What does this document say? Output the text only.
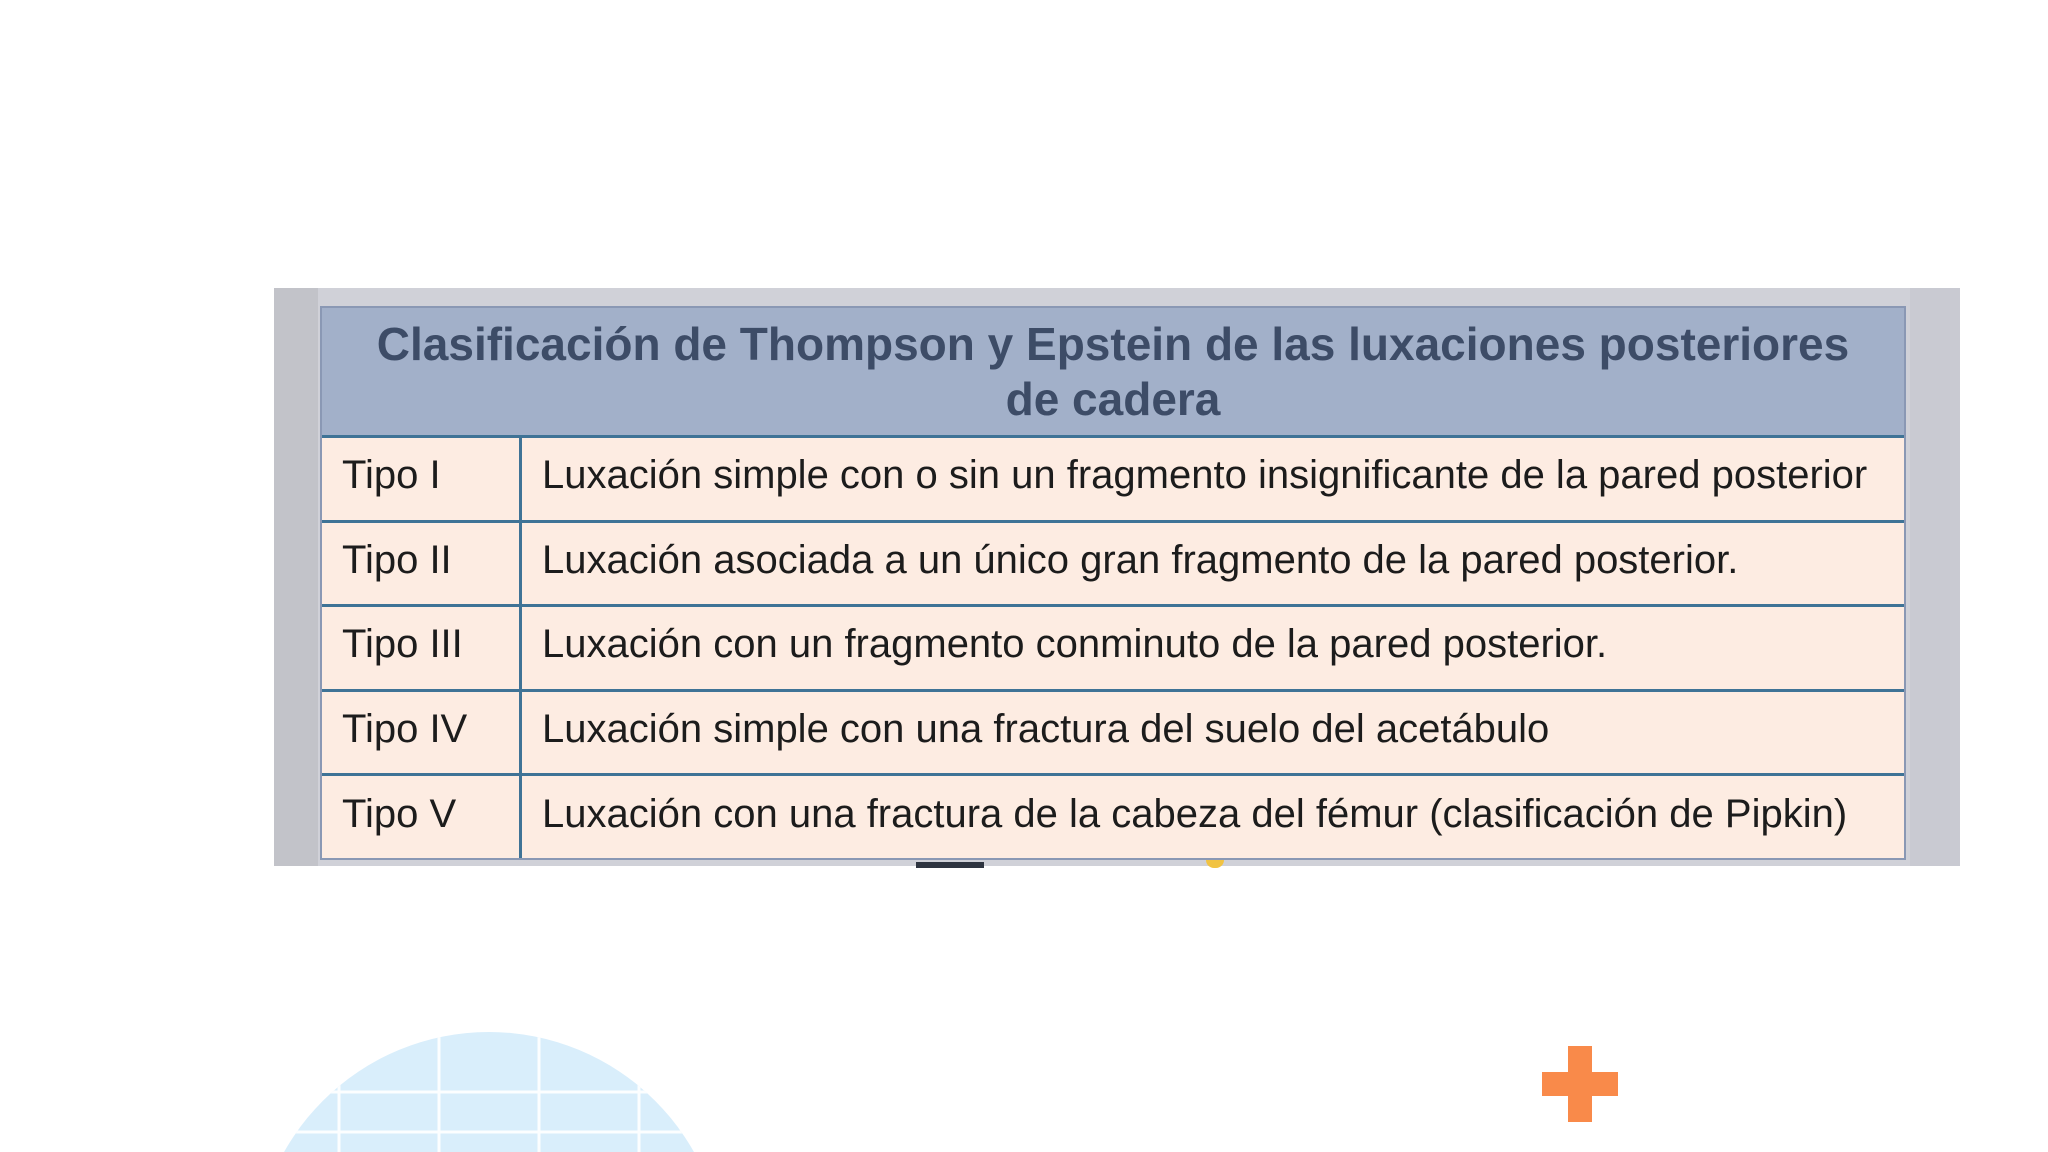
Clasificación de Thompson y Epstein de las luxaciones posteriores de cadera
Tipo I	Luxación simple con o sin un fragmento insignificante de la pared posterior
Tipo II	Luxación asociada a un único gran fragmento de la pared posterior.
Tipo III	Luxación con un fragmento conminuto de la pared posterior.
Tipo IV	Luxación simple con una fractura del suelo del acetábulo
Tipo V	Luxación con una fractura de la cabeza del fémur (clasificación de Pipkin)
